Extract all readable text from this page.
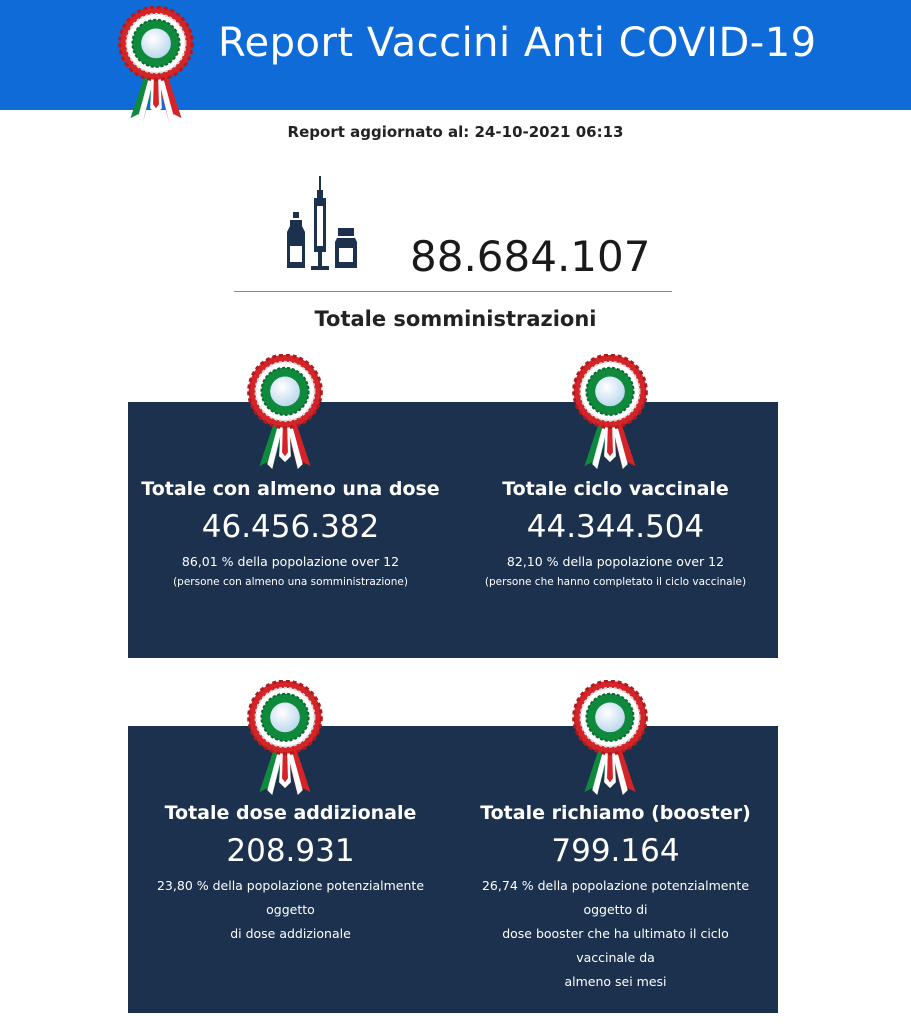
Report Vaccini Anti COVID-19
Report aggiornato al: 24-10-2021 06:13
88.684.107
Totale somministrazioni
Totale con almeno una dose
46.456.382
86,01 % della popolazione over 12
(persone con almeno una somministrazione)
Totale ciclo vaccinale
44.344.504
82,10 % della popolazione over 12
(persone che hanno completato il ciclo vaccinale)
Totale dose addizionale
208.931
23,80 % della popolazione potenzialmente
oggetto
di dose addizionale
Totale richiamo (booster)
799.164
26,74 % della popolazione potenzialmente
oggetto di
dose booster che ha ultimato il ciclo
vaccinale da
almeno sei mesi
